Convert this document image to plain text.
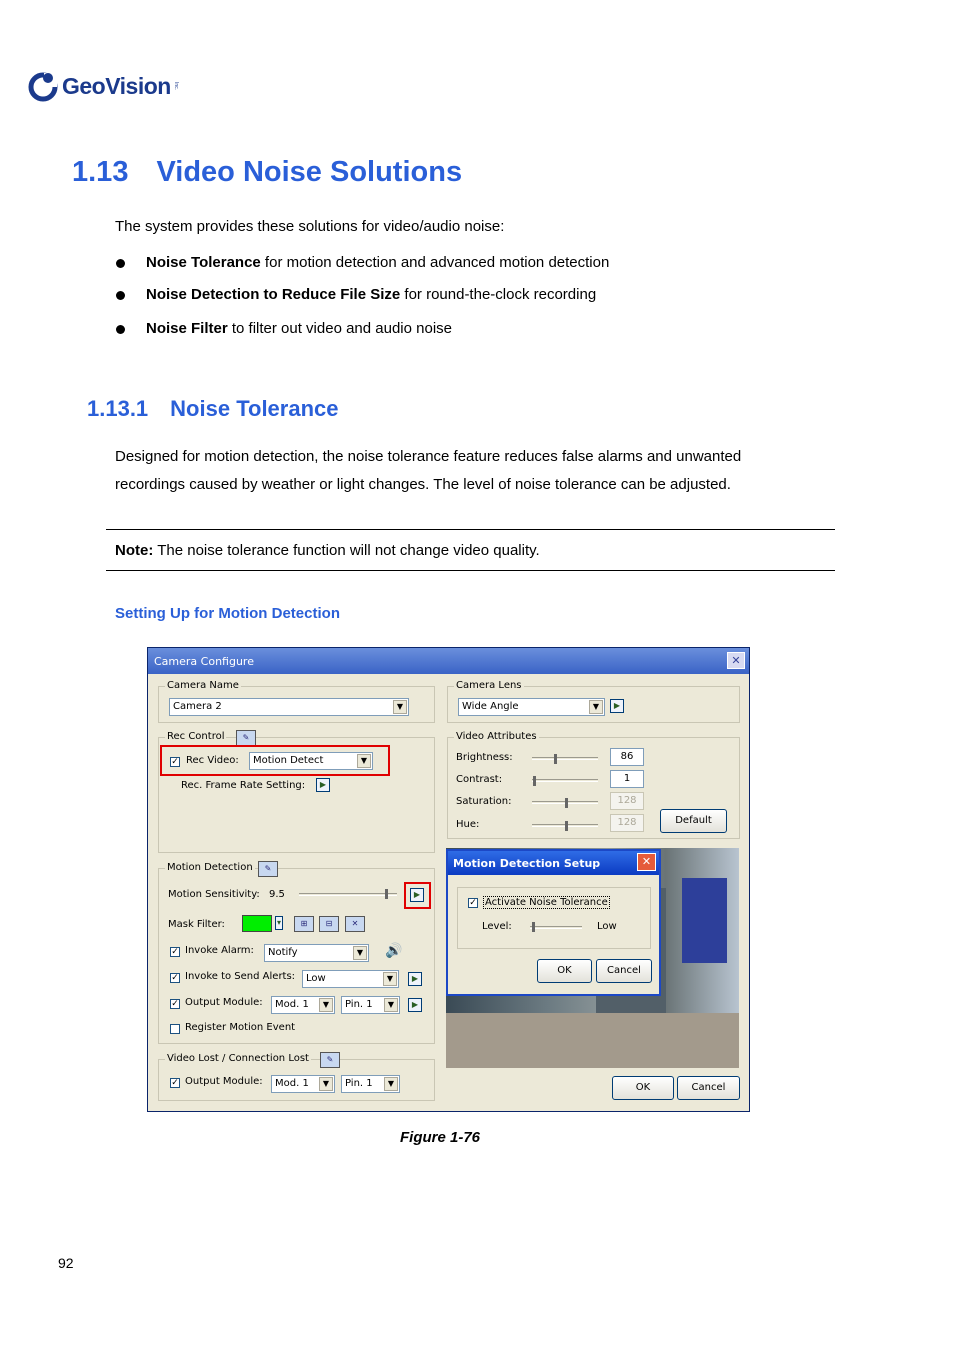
GeoVision Inc.
1.13 Video Noise Solutions
The system provides these solutions for video/audio noise:
Noise Tolerance for motion detection and advanced motion detection
Noise Detection to Reduce File Size for round-the-clock recording
Noise Filter to filter out video and audio noise
1.13.1 Noise Tolerance
Designed for motion detection, the noise tolerance feature reduces false alarms and unwanted
recordings caused by weather or light changes. The level of noise tolerance can be adjusted.
Note: The noise tolerance function will not change video quality.
Setting Up for Motion Detection
Camera Configure	✕
Camera Name
Camera 2	▼
Camera Lens
Wide Angle	▼	▶
Rec Control	✎
✓ Rec Video:	Motion Detect	▼
Rec. Frame Rate Setting:	▶
Video Attributes
Brightness:	86
Contrast:	1
Saturation:	128
Hue:	128	Default
Motion Detection	✎
Motion Sensitivity: 9.5	▶
Mask Filter:	▾	⊞	⊟	✕
✓ Invoke Alarm:	Notify	▼ 🔊
✓ Invoke to Send Alerts:	Low	▼	▶
✓ Output Module:	Mod. 1	▼	Pin. 1	▼	▶
Register Motion Event
Video Lost / Connection Lost	✎
✓ Output Module:	Mod. 1	▼	Pin. 1	▼
Motion Detection Setup	✕
✓ Activate Noise Tolerance
Level:	Low
OK	Cancel
OK	Cancel
Figure 1-76
92
